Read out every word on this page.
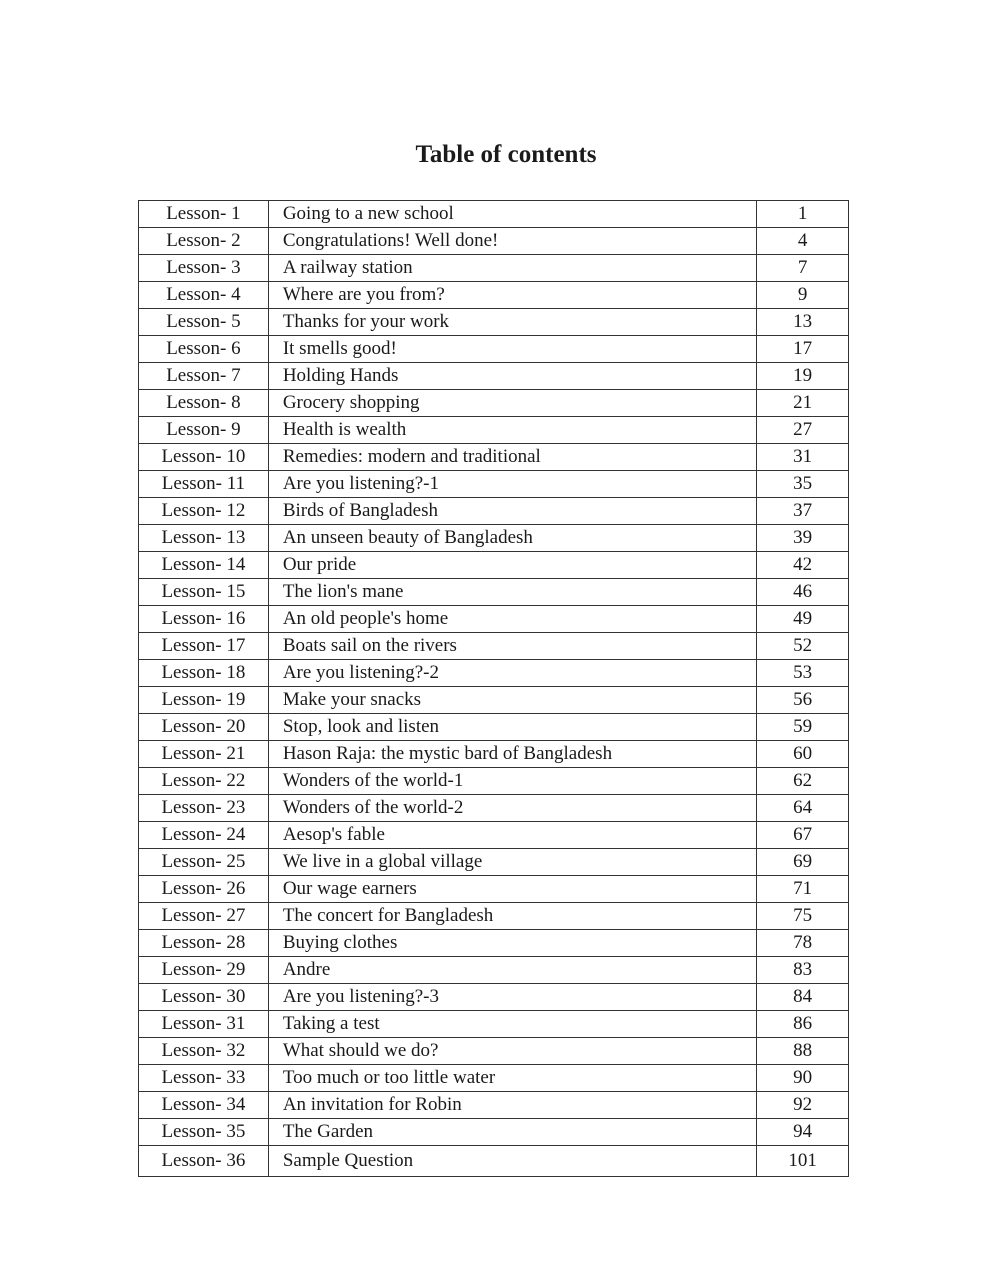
Table of contents
Lesson- 1	Going to a new school	1
Lesson- 2	Congratulations! Well done!	4
Lesson- 3	A railway station	7
Lesson- 4	Where are you from?	9
Lesson- 5	Thanks for your work	13
Lesson- 6	It smells good!	17
Lesson- 7	Holding Hands	19
Lesson- 8	Grocery shopping	21
Lesson- 9	Health is wealth	27
Lesson- 10	Remedies: modern and traditional	31
Lesson- 11	Are you listening?-1	35
Lesson- 12	Birds of Bangladesh	37
Lesson- 13	An unseen beauty of Bangladesh	39
Lesson- 14	Our pride	42
Lesson- 15	The lion's mane	46
Lesson- 16	An old people's home	49
Lesson- 17	Boats sail on the rivers	52
Lesson- 18	Are you listening?-2	53
Lesson- 19	Make your snacks	56
Lesson- 20	Stop, look and listen	59
Lesson- 21	Hason Raja: the mystic bard of Bangladesh	60
Lesson- 22	Wonders of the world-1	62
Lesson- 23	Wonders of the world-2	64
Lesson- 24	Aesop's fable	67
Lesson- 25	We live in a global village	69
Lesson- 26	Our wage earners	71
Lesson- 27	The concert for Bangladesh	75
Lesson- 28	Buying clothes	78
Lesson- 29	Andre	83
Lesson- 30	Are you listening?-3	84
Lesson- 31	Taking a test	86
Lesson- 32	What should we do?	88
Lesson- 33	Too much or too little water	90
Lesson- 34	An invitation for Robin	92
Lesson- 35	The Garden	94
Lesson- 36	Sample Question	101
